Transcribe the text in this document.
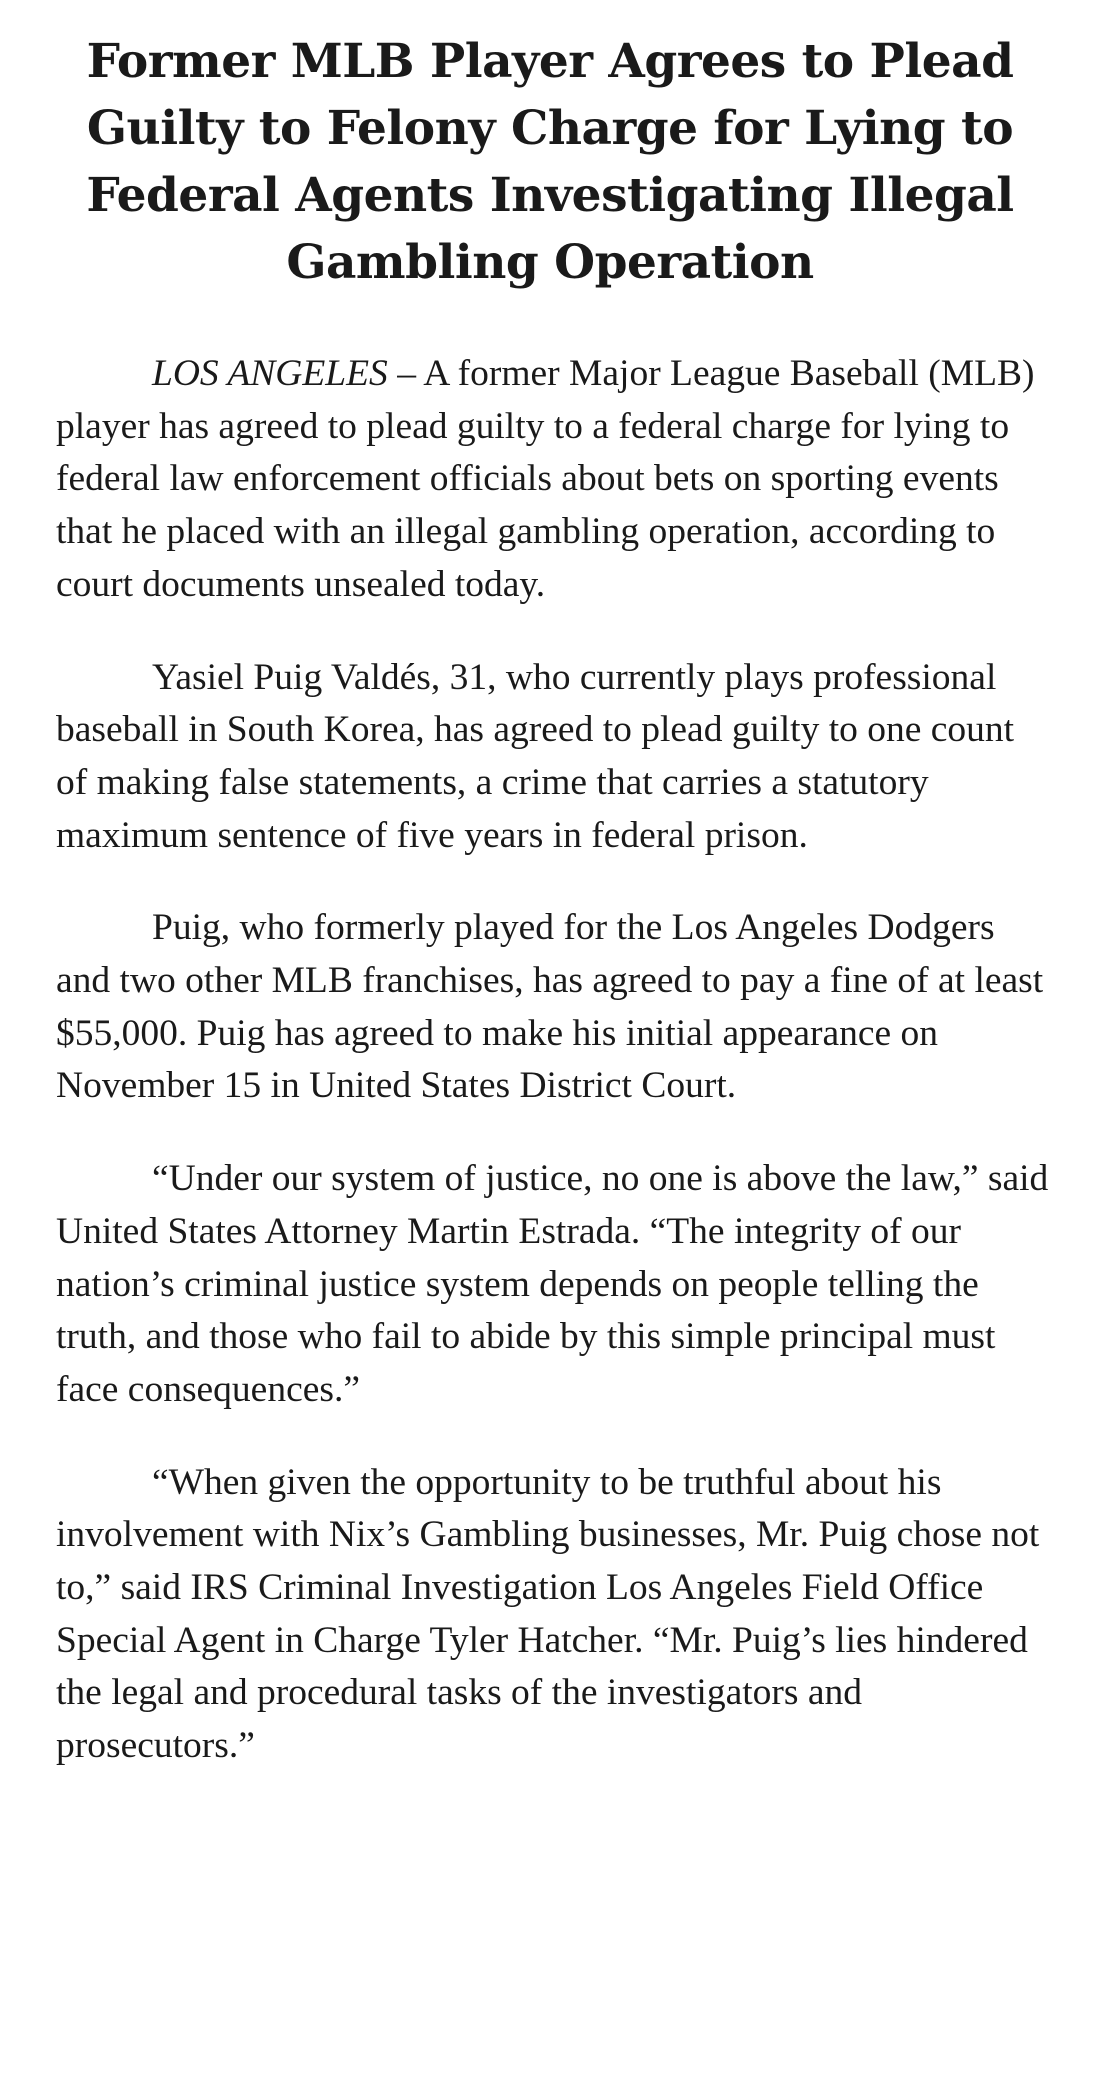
Former MLB Player Agrees to Plead Guilty to Felony Charge for Lying to Federal Agents Investigating Illegal Gambling Operation

LOS ANGELES – A former Major League Baseball (MLB) player has agreed to plead guilty to a federal charge for lying to federal law enforcement officials about bets on sporting events that he placed with an illegal gambling operation, according to court documents unsealed today.

Yasiel Puig Valdés, 31, who currently plays professional baseball in South Korea, has agreed to plead guilty to one count of making false statements, a crime that carries a statutory maximum sentence of five years in federal prison.

Puig, who formerly played for the Los Angeles Dodgers and two other MLB franchises, has agreed to pay a fine of at least $55,000. Puig has agreed to make his initial appearance on November 15 in United States District Court.

“Under our system of justice, no one is above the law,” said United States Attorney Martin Estrada. “The integrity of our nation’s criminal justice system depends on people telling the truth, and those who fail to abide by this simple principal must face consequences.”

“When given the opportunity to be truthful about his involvement with Nix’s Gambling businesses, Mr. Puig chose not to,” said IRS Criminal Investigation Los Angeles Field Office Special Agent in Charge Tyler Hatcher. “Mr. Puig’s lies hindered the legal and procedural tasks of the investigators and prosecutors.”
